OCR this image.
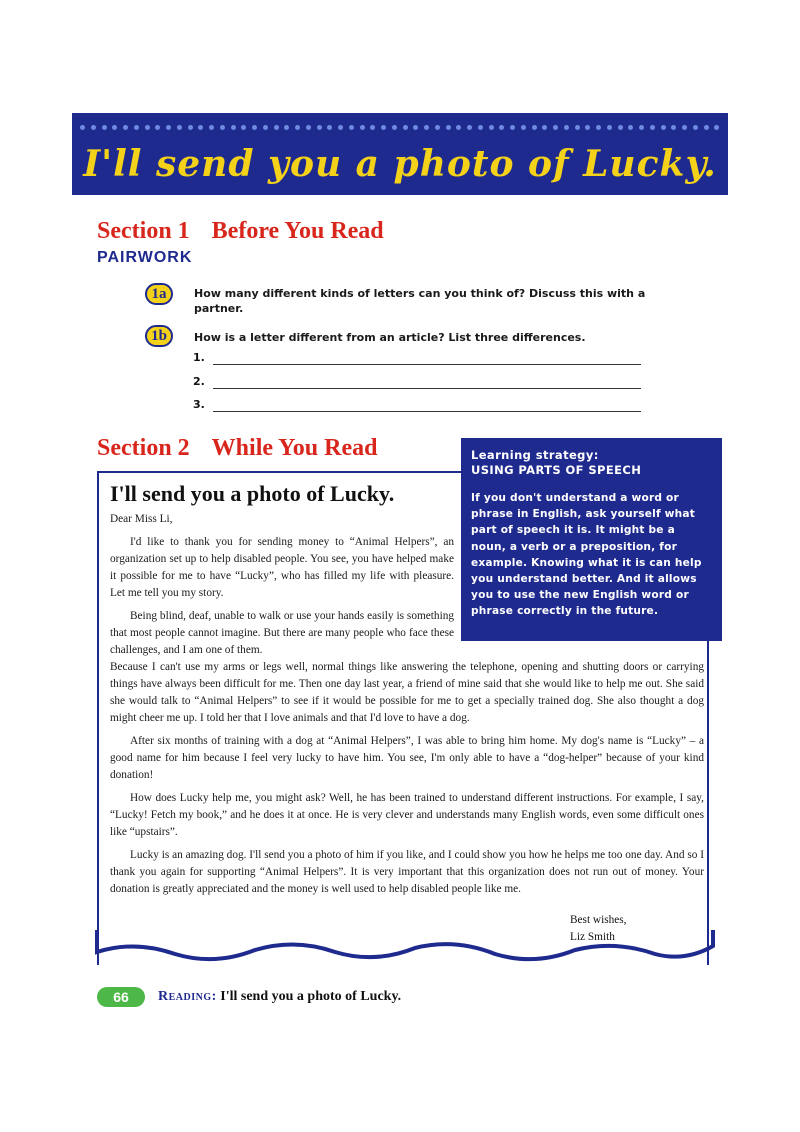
I'll send you a photo of Lucky.
Section 1 Before You Read
PAIRWORK
1a	How many different kinds of letters can you think of? Discuss this with a partner.
1b	How is a letter different from an article? List three differences.
1.
2.
3.
Section 2 While You Read
I'll send you a photo of Lucky.

Dear Miss Li,

I'd like to thank you for sending money to “Animal Helpers”, an organization set up to help disabled people. You see, you have helped make it possible for me to have “Lucky”, who has filled my life with pleasure. Let me tell you my story.

Being blind, deaf, unable to walk or use your hands easily is something that most people cannot imagine. But there are many people who face these challenges, and I am one of them.

Because I can't use my arms or legs well, normal things like answering the telephone, opening and shutting doors or carrying things have always been difficult for me. Then one day last year, a friend of mine said that she would like to help me out. She said she would talk to “Animal Helpers” to see if it would be possible for me to get a specially trained dog. She also thought a dog might cheer me up. I told her that I love animals and that I'd love to have a dog.

After six months of training with a dog at “Animal Helpers”, I was able to bring him home. My dog's name is “Lucky” – a good name for him because I feel very lucky to have him. You see, I'm only able to have a “dog-helper” because of your kind donation!

How does Lucky help me, you might ask? Well, he has been trained to understand different instructions. For example, I say, “Lucky! Fetch my book,” and he does it at once. He is very clever and understands many English words, even some difficult ones like “upstairs”.

Lucky is an amazing dog. I'll send you a photo of him if you like, and I could show you how he helps me too one day. And so I thank you again for supporting “Animal Helpers”. It is very important that this organization does not run out of money. Your donation is greatly appreciated and the money is well used to help disabled people like me.

Best wishes,
Liz Smith
Learning strategy:
USING PARTS OF SPEECH
If you don't understand a word or phrase in English, ask yourself what part of speech it is. It might be a noun, a verb or a preposition, for example. Knowing what it is can help you understand better. And it allows you to use the new English word or phrase correctly in the future.
66	Reading: I'll send you a photo of Lucky.
